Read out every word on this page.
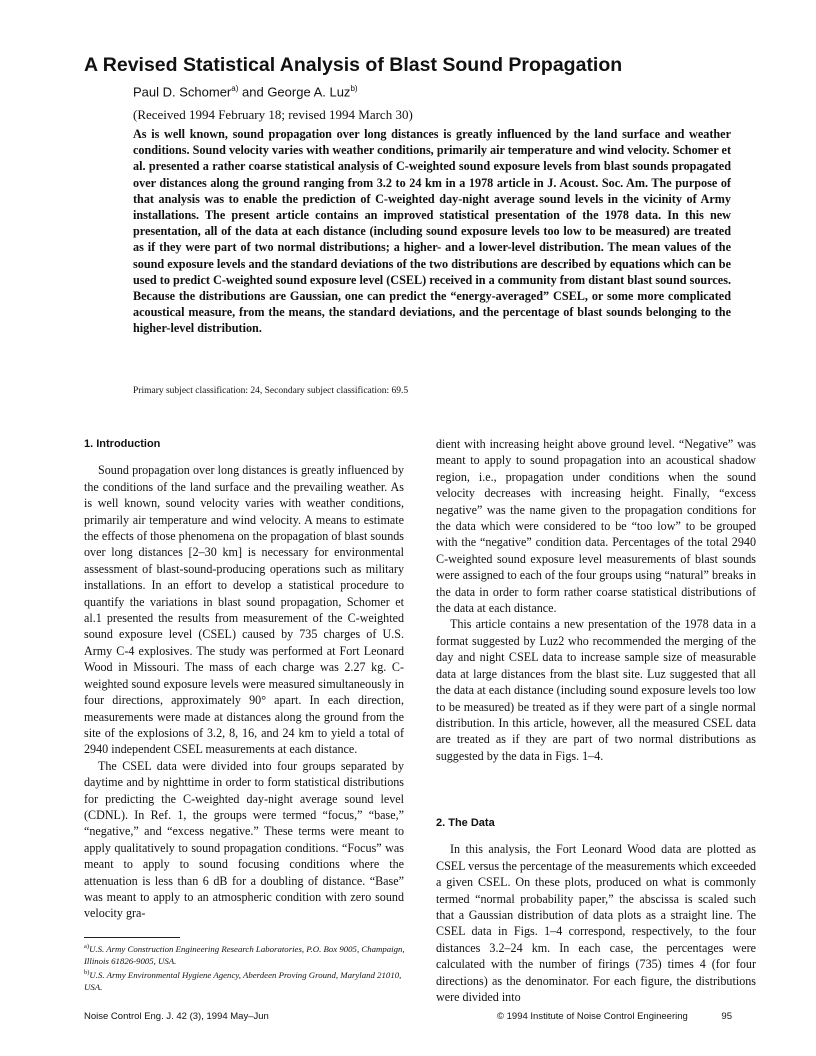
A Revised Statistical Analysis of Blast Sound Propagation
Paul D. Schomer$^{a)}$ and George A. Luz$^{b)}$
(Received 1994 February 18; revised 1994 March 30)

As is well known, sound propagation over long distances is greatly influenced by the land surface and weather conditions. Sound velocity varies with weather conditions, primarily air temperature and wind velocity. Schomer et al. presented a rather coarse statistical analysis of C-weighted sound exposure levels from blast sounds propagated over distances along the ground ranging from 3.2 to 24 km in a 1978 article in J. Acoust. Soc. Am. The purpose of that analysis was to enable the prediction of C-weighted day-night average sound levels in the vicinity of Army installations. The present article contains an improved statistical presentation of the 1978 data. In this new presentation, all of the data at each distance (including sound exposure levels too low to be measured) are treated as if they were part of two normal distributions; a higher- and a lower-level distribution. The mean values of the sound exposure levels and the standard deviations of the two distributions are described by equations which can be used to predict C-weighted sound exposure level (CSEL) received in a community from distant blast sound sources. Because the distributions are Gaussian, one can predict the “energy-averaged” CSEL, or some more complicated acoustical measure, from the means, the standard deviations, and the percentage of blast sounds belonging to the higher-level distribution.

Primary subject classification: 24, Secondary subject classification: 69.5

1. Introduction

Sound propagation over long distances is greatly influenced by the conditions of the land surface and the prevailing weather. As is well known, sound velocity varies with weather conditions, primarily air temperature and wind velocity. A means to estimate the effects of those phenomena on the propagation of blast sounds over long distances [2–30 km] is necessary for environmental assessment of blast-sound-producing operations such as military installations. In an effort to develop a statistical procedure to quantify the variations in blast sound propagation, Schomer et al.1 presented the results from measurement of the C-weighted sound exposure level (CSEL) caused by 735 charges of U.S. Army C-4 explosives. The study was performed at Fort Leonard Wood in Missouri. The mass of each charge was 2.27 kg. C-weighted sound exposure levels were measured simultaneously in four directions, approximately 90° apart. In each direction, measurements were made at distances along the ground from the site of the explosions of 3.2, 8, 16, and 24 km to yield a total of 2940 independent CSEL measurements at each distance.

The CSEL data were divided into four groups separated by daytime and by nighttime in order to form statistical distributions for predicting the C-weighted day-night average sound level (CDNL). In Ref. 1, the groups were termed “focus,” “base,” “negative,” and “excess negative.” These terms were meant to apply qualitatively to sound propagation conditions. “Focus” was meant to apply to sound focusing conditions where the attenuation is less than 6 dB for a doubling of distance. “Base” was meant to apply to an atmospheric condition with zero sound velocity gra-

dient with increasing height above ground level. “Negative” was meant to apply to sound propagation into an acoustical shadow region, i.e., propagation under conditions when the sound velocity decreases with increasing height. Finally, “excess negative” was the name given to the propagation conditions for the data which were considered to be “too low” to be grouped with the “negative” condition data. Percentages of the total 2940 C-weighted sound exposure level measurements of blast sounds were assigned to each of the four groups using “natural” breaks in the data in order to form rather coarse statistical distributions of the data at each distance.

This article contains a new presentation of the 1978 data in a format suggested by Luz2 who recommended the merging of the day and night CSEL data to increase sample size of measurable data at large distances from the blast site. Luz suggested that all the data at each distance (including sound exposure levels too low to be measured) be treated as if they were part of a single normal distribution. In this article, however, all the measured CSEL data are treated as if they are part of two normal distributions as suggested by the data in Figs. 1–4.

2. The Data

In this analysis, the Fort Leonard Wood data are plotted as CSEL versus the percentage of the measurements which exceeded a given CSEL. On these plots, produced on what is commonly termed “normal probability paper,” the abscissa is scaled such that a Gaussian distribution of data plots as a straight line. The CSEL data in Figs. 1–4 correspond, respectively, to the four distances 3.2–24 km. In each case, the percentages were calculated with the number of firings (735) times 4 (for four directions) as the denominator. For each figure, the distributions were divided into

$^{a)}$U.S. Army Construction Engineering Research Laboratories, P.O. Box 9005, Champaign, Illinois 61826-9005, USA.
$^{b)}$U.S. Army Environmental Hygiene Agency, Aberdeen Proving Ground, Maryland 21010, USA.
Noise Control Eng. J. 42 (3), 1994 May–Jun	© 1994 Institute of Noise Control Engineering	95
